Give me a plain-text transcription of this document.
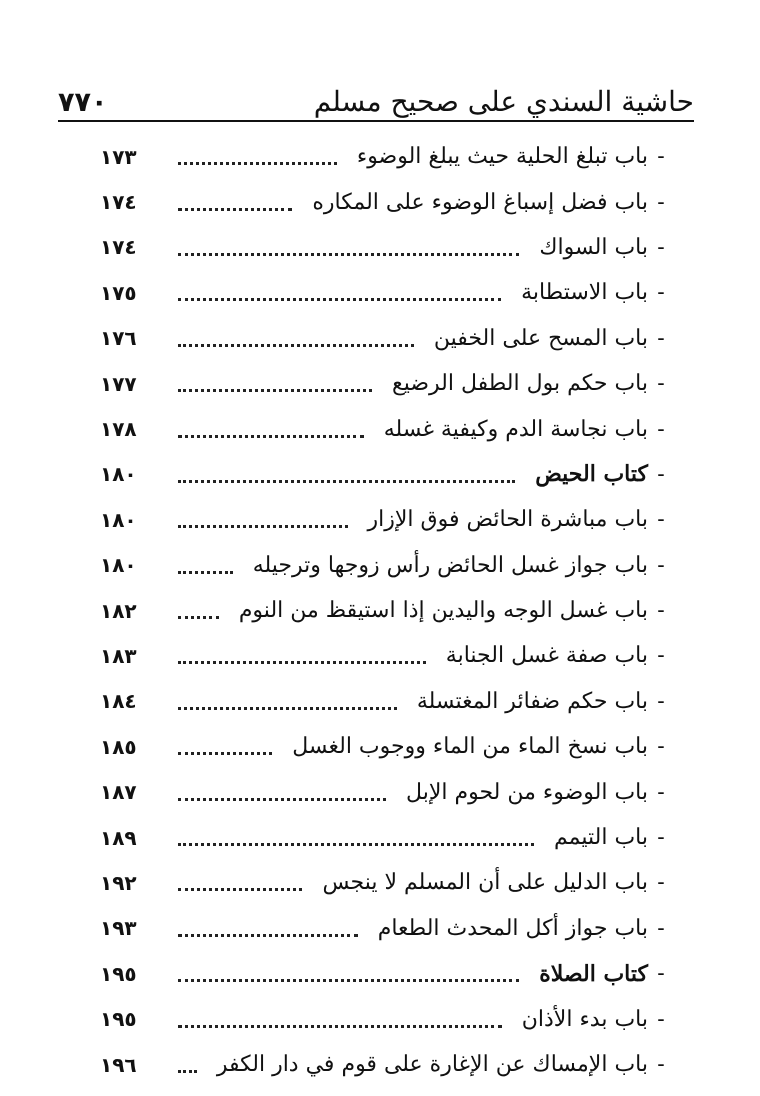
حاشية السندي على صحيح مسلم
٧٧٠
-
باب تبلغ الحلية حيث يبلغ الوضوء
١٧٣
-
باب فضل إسباغ الوضوء على المكاره
١٧٤
-
باب السواك
١٧٤
-
باب الاستطابة
١٧٥
-
باب المسح على الخفين
١٧٦
-
باب حكم بول الطفل الرضيع
١٧٧
-
باب نجاسة الدم وكيفية غسله
١٧٨
-
كتاب الحيض
١٨٠
-
باب مباشرة الحائض فوق الإزار
١٨٠
-
باب جواز غسل الحائض رأس زوجها وترجيله
١٨٠
-
باب غسل الوجه واليدين إذا استيقظ من النوم
١٨٢
-
باب صفة غسل الجنابة
١٨٣
-
باب حكم ضفائر المغتسلة
١٨٤
-
باب نسخ الماء من الماء ووجوب الغسل
١٨٥
-
باب الوضوء من لحوم الإبل
١٨٧
-
باب التيمم
١٨٩
-
باب الدليل على أن المسلم لا ينجس
١٩٢
-
باب جواز أكل المحدث الطعام
١٩٣
-
كتاب الصلاة
١٩٥
-
باب بدء الأذان
١٩٥
-
باب الإمساك عن الإغارة على قوم في دار الكفر
١٩٦
